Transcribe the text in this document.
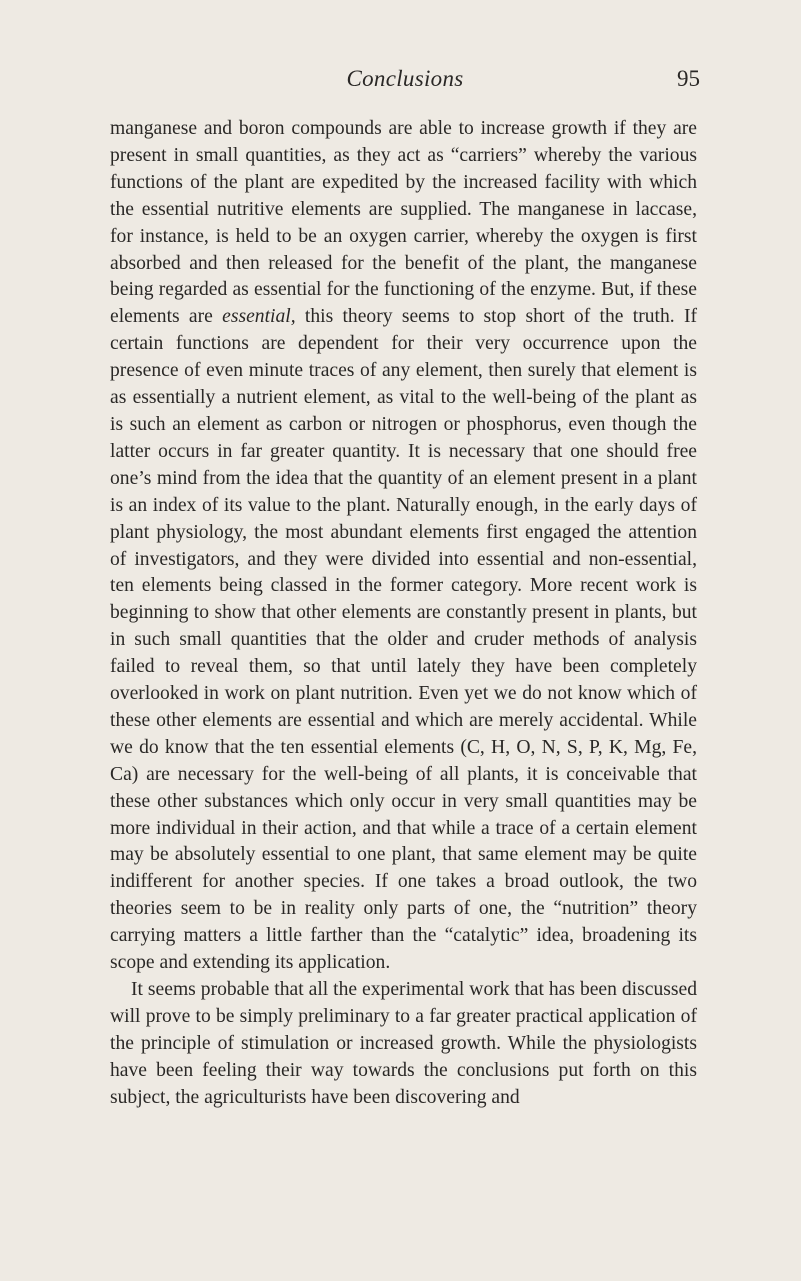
Conclusions	95

manganese and boron compounds are able to increase growth if they are present in small quantities, as they act as “carriers” whereby the various functions of the plant are expedited by the increased facility with which the essential nutritive elements are supplied. The manganese in laccase, for instance, is held to be an oxygen carrier, whereby the oxygen is first absorbed and then released for the benefit of the plant, the manganese being regarded as essential for the functioning of the enzyme. But, if these elements are essential, this theory seems to stop short of the truth. If certain functions are dependent for their very occurrence upon the presence of even minute traces of any element, then surely that element is as essentially a nutrient element, as vital to the well-being of the plant as is such an element as carbon or nitrogen or phosphorus, even though the latter occurs in far greater quantity. It is necessary that one should free one’s mind from the idea that the quantity of an element present in a plant is an index of its value to the plant. Naturally enough, in the early days of plant physiology, the most abundant elements first engaged the attention of investigators, and they were divided into essential and non-essential, ten elements being classed in the former category. More recent work is beginning to show that other elements are constantly present in plants, but in such small quantities that the older and cruder methods of analysis failed to reveal them, so that until lately they have been completely overlooked in work on plant nutrition. Even yet we do not know which of these other elements are essential and which are merely accidental. While we do know that the ten essential elements (C, H, O, N, S, P, K, Mg, Fe, Ca) are necessary for the well-being of all plants, it is conceivable that these other substances which only occur in very small quantities may be more individual in their action, and that while a trace of a certain element may be absolutely essential to one plant, that same element may be quite indifferent for another species. If one takes a broad outlook, the two theories seem to be in reality only parts of one, the “nutrition” theory carrying matters a little farther than the “catalytic” idea, broadening its scope and extending its application.

It seems probable that all the experimental work that has been discussed will prove to be simply preliminary to a far greater practical application of the principle of stimulation or increased growth. While the physiologists have been feeling their way towards the conclusions put forth on this subject, the agriculturists have been discovering and
